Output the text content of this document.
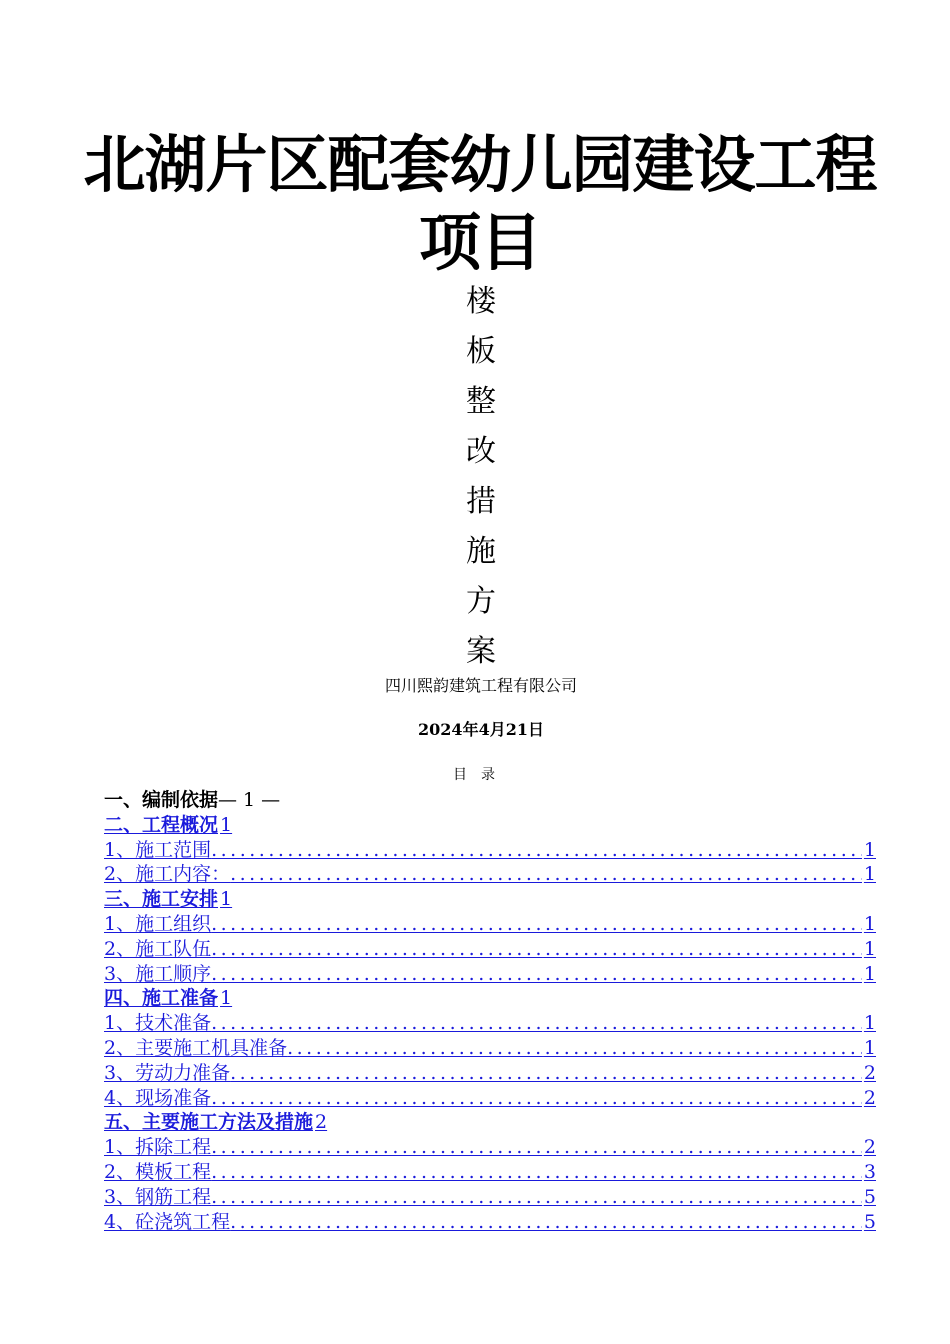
北湖片区配套幼儿园建设工程
项目
楼
板
整
改
措
施
方
案
四川熙韵建筑工程有限公司
2024年4月21日
目录
一、编制依据 — 1 —
二、工程概况 1
1、施工范围 .....	1
2、施工内容： .....	1
三、施工安排 1
1、施工组织 .....	1
2、施工队伍 .....	1
3、施工顺序 .....	1
四、施工准备 1
1、技术准备 .....	1
2、主要施工机具准备 .....	1
3、劳动力准备 .....	2
4、现场准备 .....	2
五、主要施工方法及措施 2
1、拆除工程 .....	2
2、模板工程 .....	3
3、钢筋工程 .....	5
4、砼浇筑工程 .....	5
